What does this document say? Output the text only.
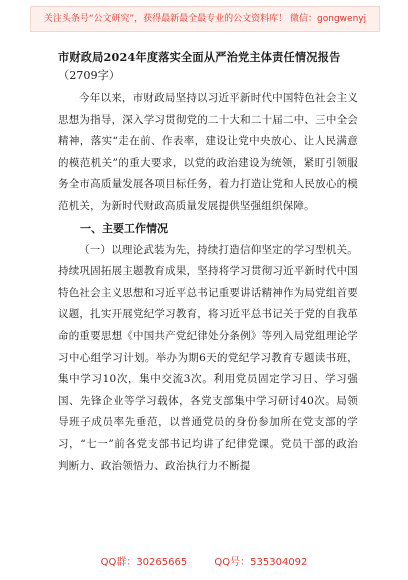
关注头条号“公文研究”，获得最新最全最专业的公文资料库！ 微信：gongwenyj

市财政局2024年度落实全面从严治党主体责任情况报告

（2709字）

今年以来，市财政局坚持以习近平新时代中国特色社会主义思想为指导，深入学习贯彻党的二十大和二十届二中、三中全会精神，落实“走在前、作表率，建设让党中央放心、让人民满意的模范机关”的重大要求，以党的政治建设为统领，紧盯引领服务全市高质量发展各项目标任务，着力打造让党和人民放心的模范机关，为新时代财政高质量发展提供坚强组织保障。

一、主要工作情况

（一）以理论武装为先，持续打造信仰坚定的学习型机关。持续巩固拓展主题教育成果，坚持将学习贯彻习近平新时代中国特色社会主义思想和习近平总书记重要讲话精神作为局党组首要议题，扎实开展党纪学习教育，将习近平总书记关于党的自我革命的重要思想《中国共产党纪律处分条例》等列入局党组理论学习中心组学习计划。举办为期6天的党纪学习教育专题读书班，集中学习10次，集中交流3次。利用党员固定学习日、学习强国、先锋企业等学习载体，各党支部集中学习研讨40次。局领导班子成员率先垂范，以普通党员的身份参加所在党支部的学习，“七一”前各党支部书记均讲了纪律党课。党员干部的政治判断力、政治领悟力、政治执行力不断提

QQ群：30265665	QQ号：535304092
